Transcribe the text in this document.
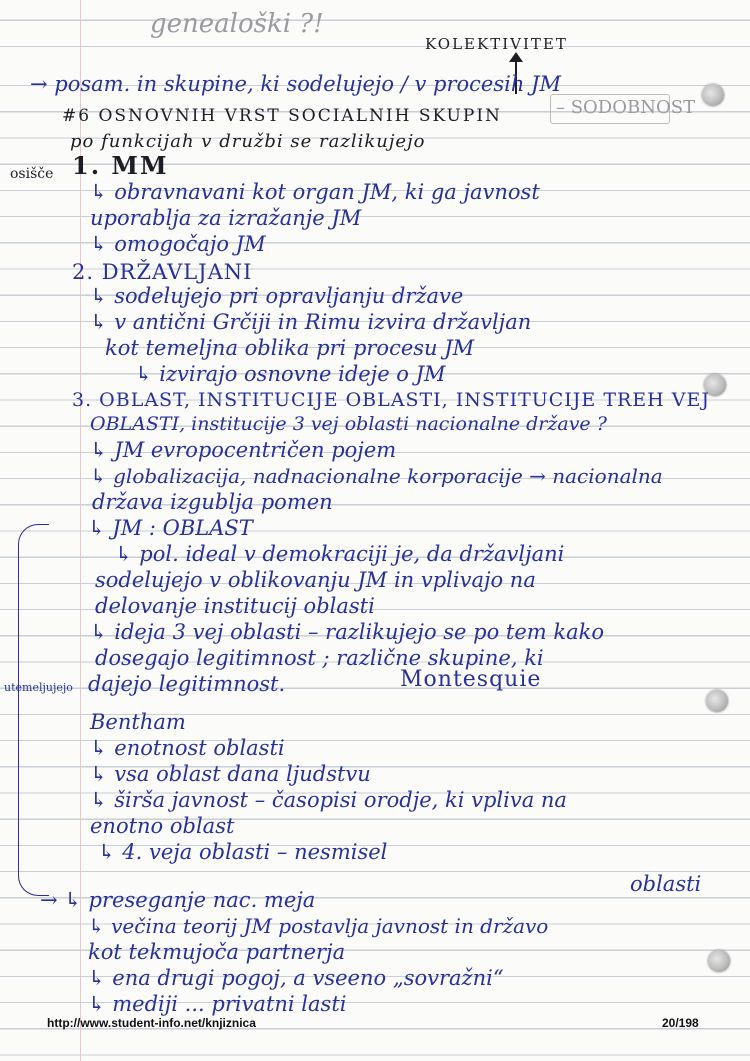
genealoški ?!
KOLEKTIVITET
→ posam. in skupine, ki sodelujejo / v procesih JM
#6 OSNOVNIH VRST SOCIALNIH SKUPIN	– SODOBNOST
po funkcijah v družbi se razlikujejo
osišče 1. MM
↳ obravnavani kot organ JM, ki ga javnost
uporablja za izražanje JM
↳ omogočajo JM
2. DRŽAVLJANI
↳ sodelujejo pri opravljanju države
↳ v antični Grčiji in Rimu izvira državljan
kot temeljna oblika pri procesu JM
↳ izvirajo osnovne ideje o JM
3. OBLAST, INSTITUCIJE OBLASTI, INSTITUCIJE TREH VEJ
OBLASTI, institucije 3 vej oblasti nacionalne države ?
↳ JM evropocentričen pojem
↳ globalizacija, nadnacionalne korporacije → nacionalna
država izgublja pomen
↳ JM : OBLAST
↳ pol. ideal v demokraciji je, da državljani
sodelujejo v oblikovanju JM in vplivajo na
delovanje institucij oblasti
↳ ideja 3 vej oblasti – razlikujejo se po tem kako
dosegajo legitimnost ; različne skupine, ki
utemeljujejo dajejo legitimnost.	Montesquie
Bentham
↳ enotnost oblasti
↳ vsa oblast dana ljudstvu
↳ širša javnost – časopisi orodje, ki vpliva na
enotno oblast
↳ 4. veja oblasti – nesmisel
oblasti
→ ↳ preseganje nac. meja
↳ večina teorij JM postavlja javnost in državo
kot tekmujoča partnerja
↳ ena drugi pogoj, a vseeno „sovražni“
↳ mediji ... privatni lasti
http://www.student-info.net/knjiznica	20/198
